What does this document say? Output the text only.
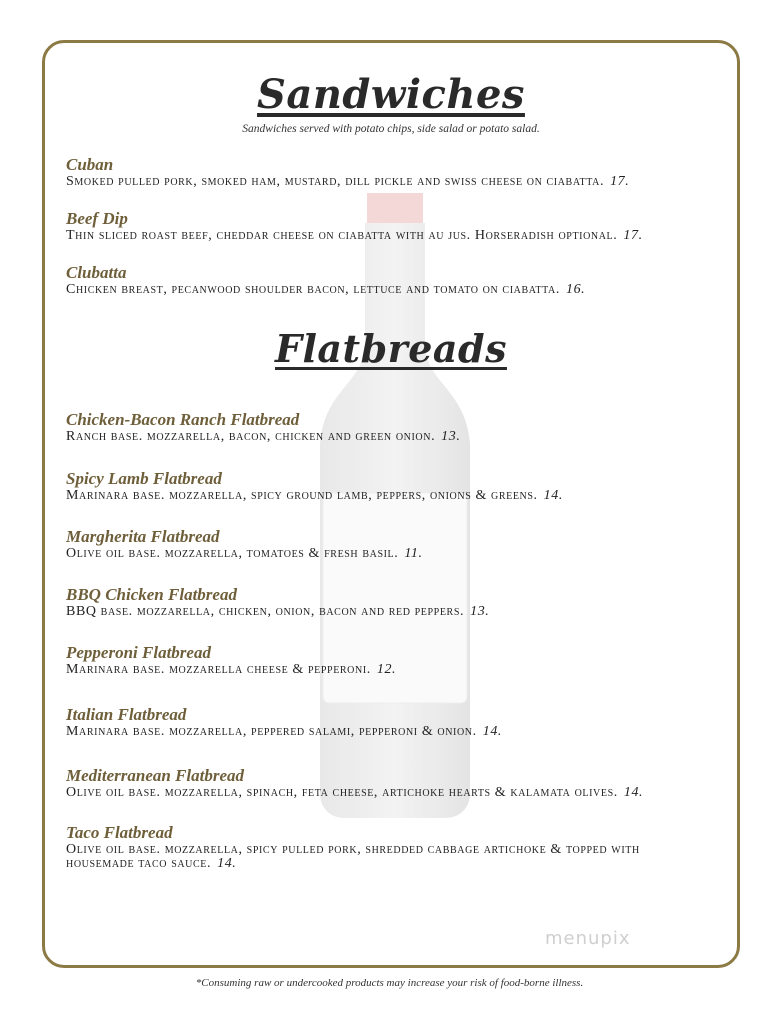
Sandwiches
Sandwiches served with potato chips, side salad or potato salad.
Cuban
Smoked pulled pork, smoked ham, mustard, dill pickle and swiss cheese on ciabatta. 17.
Beef Dip
Thin sliced roast beef, cheddar cheese on ciabatta with au jus. Horseradish optional. 17.
Clubatta
Chicken breast, pecanwood shoulder bacon, lettuce and tomato on ciabatta. 16.
Flatbreads
Chicken-Bacon Ranch Flatbread
Ranch base. mozzarella, bacon, chicken and green onion. 13.
Spicy Lamb Flatbread
Marinara base. mozzarella, spicy ground lamb, peppers, onions & greens. 14.
Margherita Flatbread
Olive oil base. mozzarella, tomatoes & fresh basil. 11.
BBQ Chicken Flatbread
BBQ base. mozzarella, chicken, onion, bacon and red peppers. 13.
Pepperoni Flatbread
Marinara base. mozzarella cheese & pepperoni. 12.
Italian Flatbread
Marinara base. mozzarella, peppered salami, pepperoni & onion. 14.
Mediterranean Flatbread
Olive oil base. mozzarella, spinach, feta cheese, artichoke hearts & kalamata olives. 14.
Taco Flatbread
Olive oil base. mozzarella, spicy pulled pork, shredded cabbage artichoke & topped with housemade taco sauce. 14.
menupix
*Consuming raw or undercooked products may increase your risk of food-borne illness.
